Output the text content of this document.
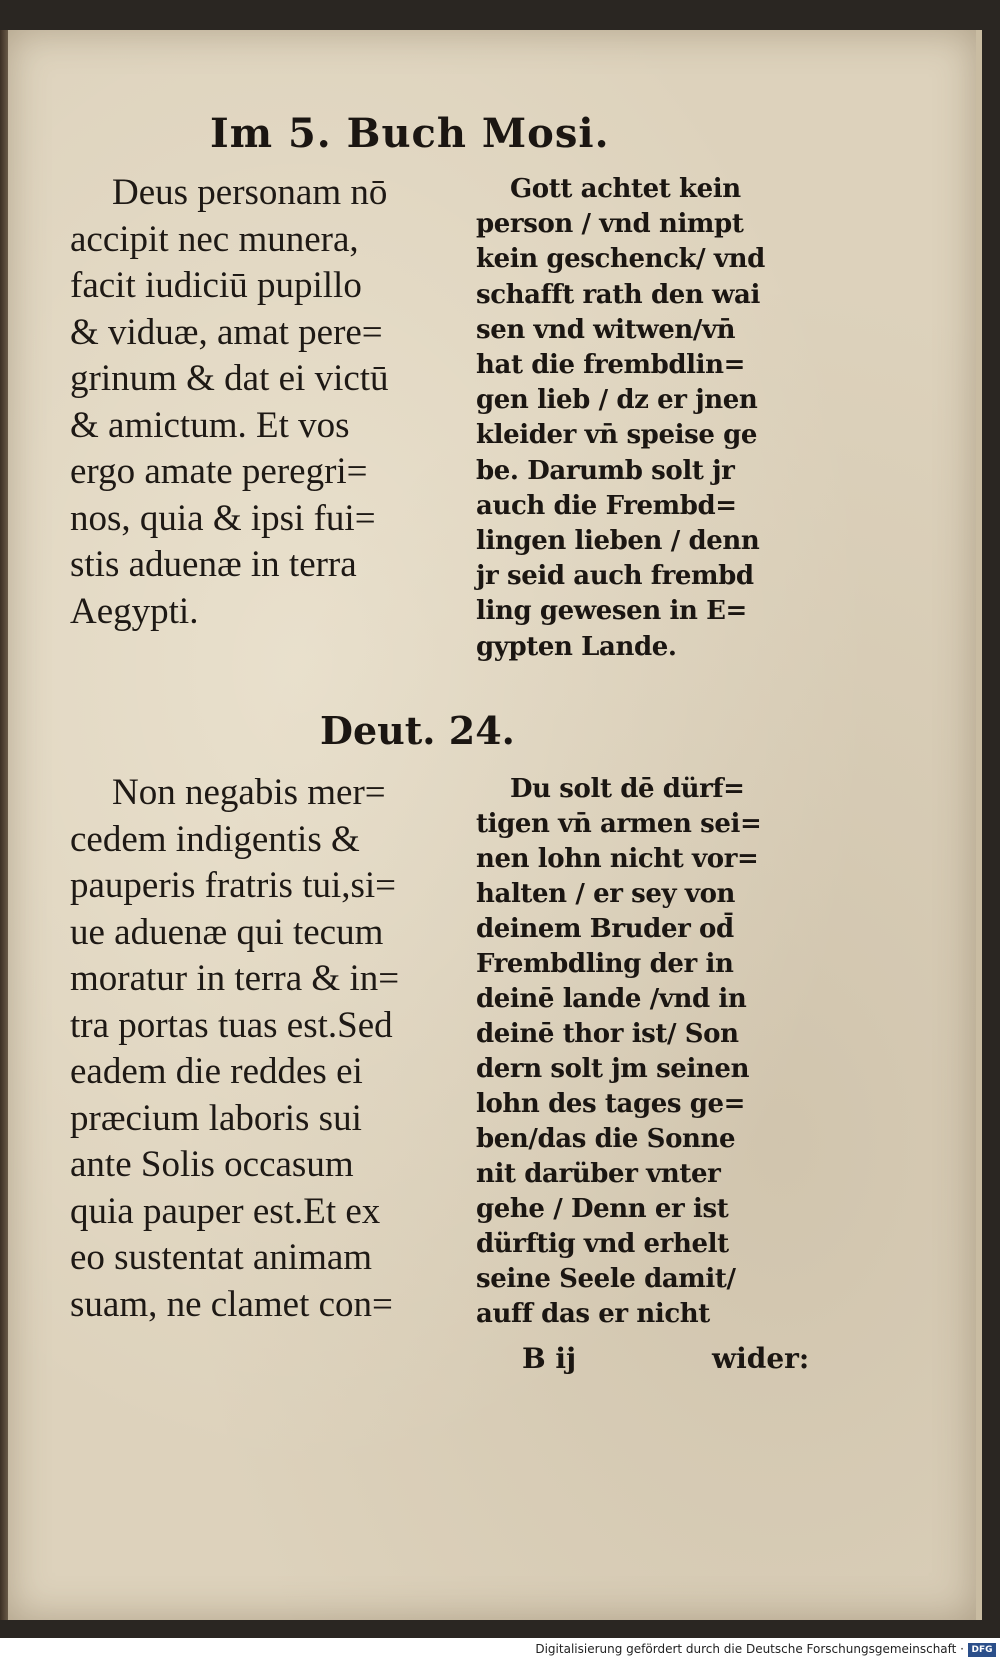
Im 5. Buch Mosi.
Deus personam nō
accipit nec munera,
facit iudiciū pupillo
& viduæ, amat pere=
grinum & dat ei victū
& amictum. Et vos
ergo amate peregri=
nos, quia & ipsi fui=
stis aduenæ in terra
Aegypti.
Gott achtet kein
person / vnd nimpt
kein geschenck/ vnd
schafft rath den wai
sen vnd witwen/vn̄
hat die frembdlin=
gen lieb / dz er jnen
kleider vn̄ speise ge
be. Darumb solt jr
auch die Frembd=
lingen lieben / denn
jr seid auch frembd
ling gewesen in E=
gypten Lande.
Deut. 24.
Non negabis mer=
cedem indigentis &
pauperis fratris tui,si=
ue aduenæ qui tecum
moratur in terra & in=
tra portas tuas est.Sed
eadem die reddes ei
præcium laboris sui
ante Solis occasum
quia pauper est.Et ex
eo sustentat animam
suam, ne clamet con=
Du solt dē dürf=
tigen vn̄ armen sei=
nen lohn nicht vor=
halten / er sey von
deinem Bruder od̄
Frembdling der in
deinē lande /vnd in
deinē thor ist/ Son
dern solt jm seinen
lohn des tages ge=
ben/das die Sonne
nit darüber vnter
gehe / Denn er ist
dürftig vnd erhelt
seine Seele damit/
auff das er nicht
B ij	wider:
Digitalisierung gefördert durch die Deutsche Forschungsgemeinschaft · DFG
